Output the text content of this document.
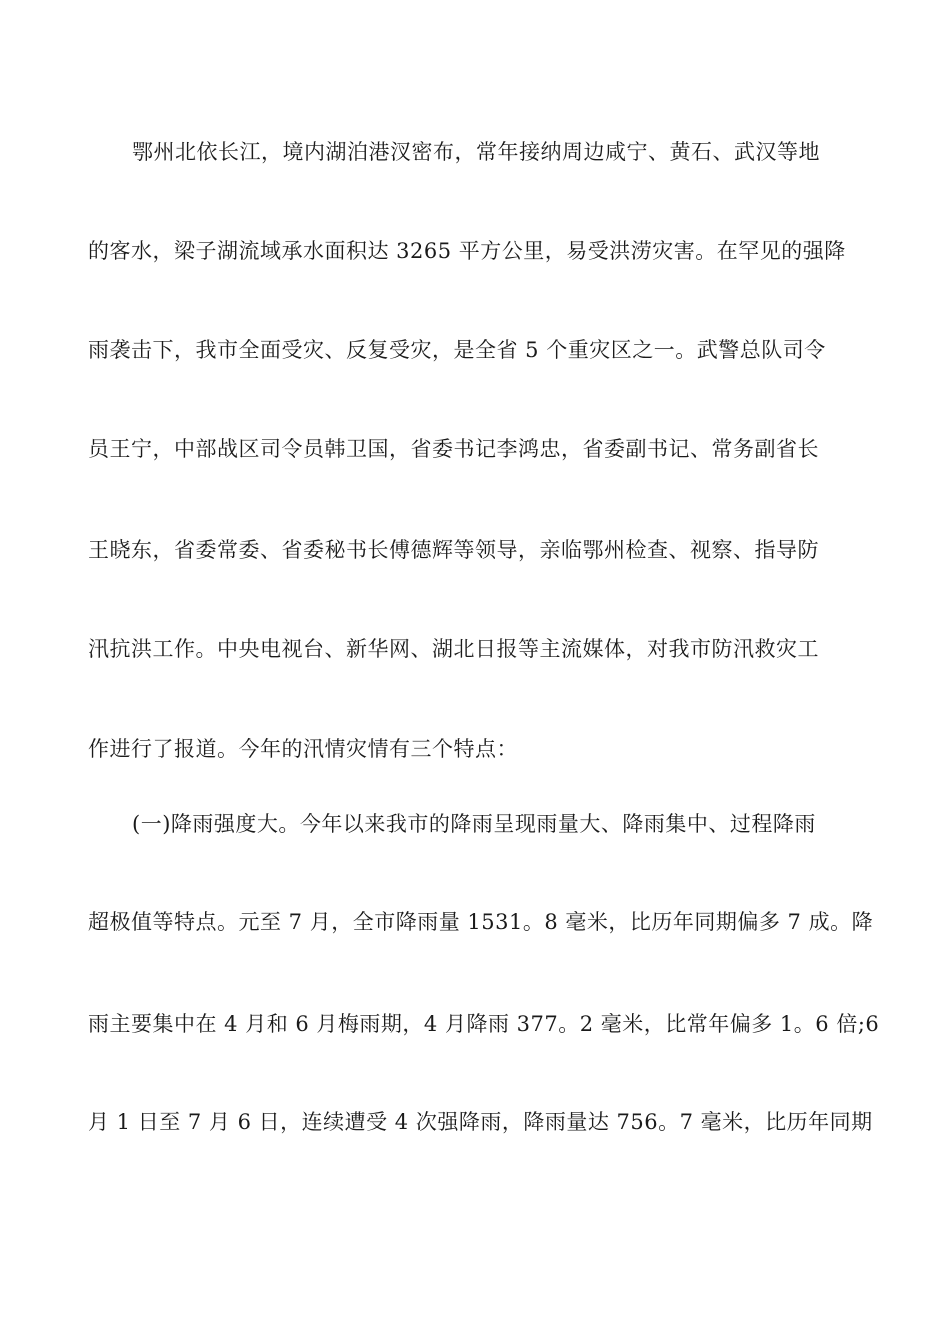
鄂州北依长江，境内湖泊港汊密布，常年接纳周边咸宁、黄石、武汉等地
的客水，梁子湖流域承水面积达 3265 平方公里，易受洪涝灾害。在罕见的强降
雨袭击下，我市全面受灾、反复受灾，是全省 5 个重灾区之一。武警总队司令
员王宁，中部战区司令员韩卫国，省委书记李鸿忠，省委副书记、常务副省长
王晓东，省委常委、省委秘书长傅德辉等领导，亲临鄂州检查、视察、指导防
汛抗洪工作。中央电视台、新华网、湖北日报等主流媒体，对我市防汛救灾工
作进行了报道。今年的汛情灾情有三个特点：
(一)降雨强度大。今年以来我市的降雨呈现雨量大、降雨集中、过程降雨
超极值等特点。元至 7 月，全市降雨量 1531。8 毫米，比历年同期偏多 7 成。降
雨主要集中在 4 月和 6 月梅雨期，4 月降雨 377。2 毫米，比常年偏多 1。6 倍;6
月 1 日至 7 月 6 日，连续遭受 4 次强降雨，降雨量达 756。7 毫米，比历年同期
